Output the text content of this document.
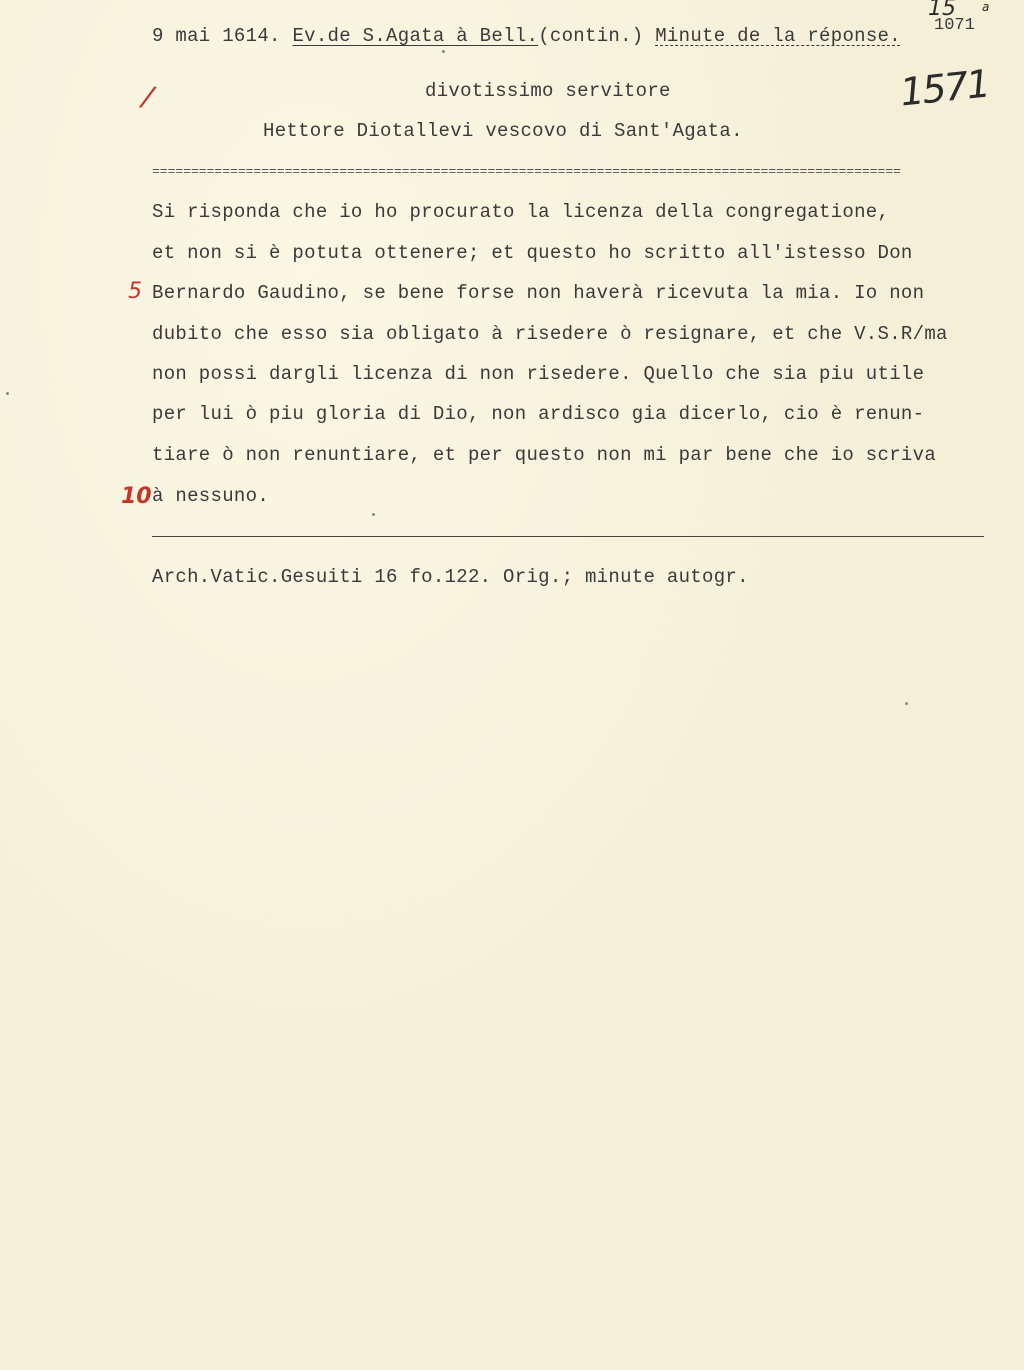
9 mai 1614. Ev.de S.Agata à Bell.(contin.) Minute de la réponse.
divotissimo servitore
Hettore Diotallevi vescovo di Sant'Agata.
================================================================================================
Si risponda che io ho procurato la licenza della congregatione,
et non si è potuta ottenere; et questo ho scritto all'istesso Don
Bernardo Gaudino, se bene forse non haverà ricevuta la mia. Io non
dubito che esso sia obligato à risedere ò resignare, et che V.S.R/ma
non possi dargli licenza di non risedere. Quello che sia piu utile
per lui ò piu gloria di Dio, non ardisco gia dicerlo, cio è renun-
tiare ò non renuntiare, et per questo non mi par bene che io scriva
à nessuno.
Arch.Vatic.Gesuiti 16 fo.122. Orig.; minute autogr.
/
5
10
15 a
1071
1571
